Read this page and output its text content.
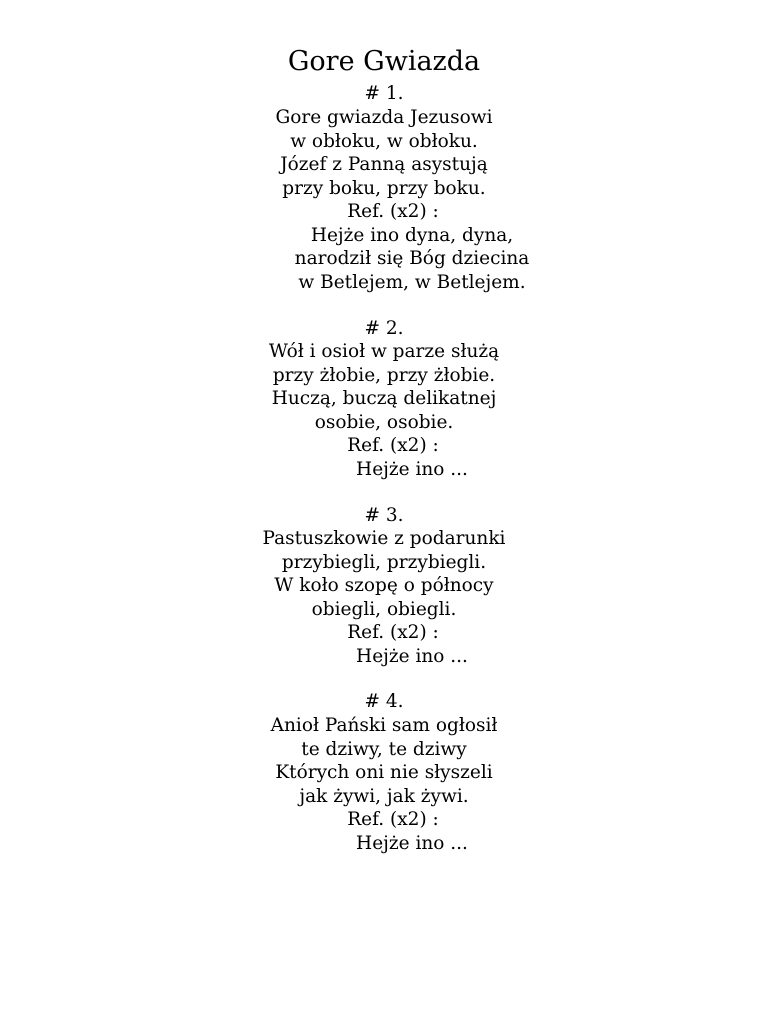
Gore Gwiazda
# 1.
Gore gwiazda Jezusowi
w obłoku, w obłoku.
Józef z Panną asystują
przy boku, przy boku.
Ref. (x2) :
Hejże ino dyna, dyna,
narodził się Bóg dziecina
w Betlejem, w Betlejem.
# 2.
Wół i osioł w parze służą
przy żłobie, przy żłobie.
Huczą, buczą delikatnej
osobie, osobie.
Ref. (x2) :
Hejże ino ...
# 3.
Pastuszkowie z podarunki
przybiegli, przybiegli.
W koło szopę o północy
obiegli, obiegli.
Ref. (x2) :
Hejże ino ...
# 4.
Anioł Pański sam ogłosił
te dziwy, te dziwy
Których oni nie słyszeli
jak żywi, jak żywi.
Ref. (x2) :
Hejże ino ...
